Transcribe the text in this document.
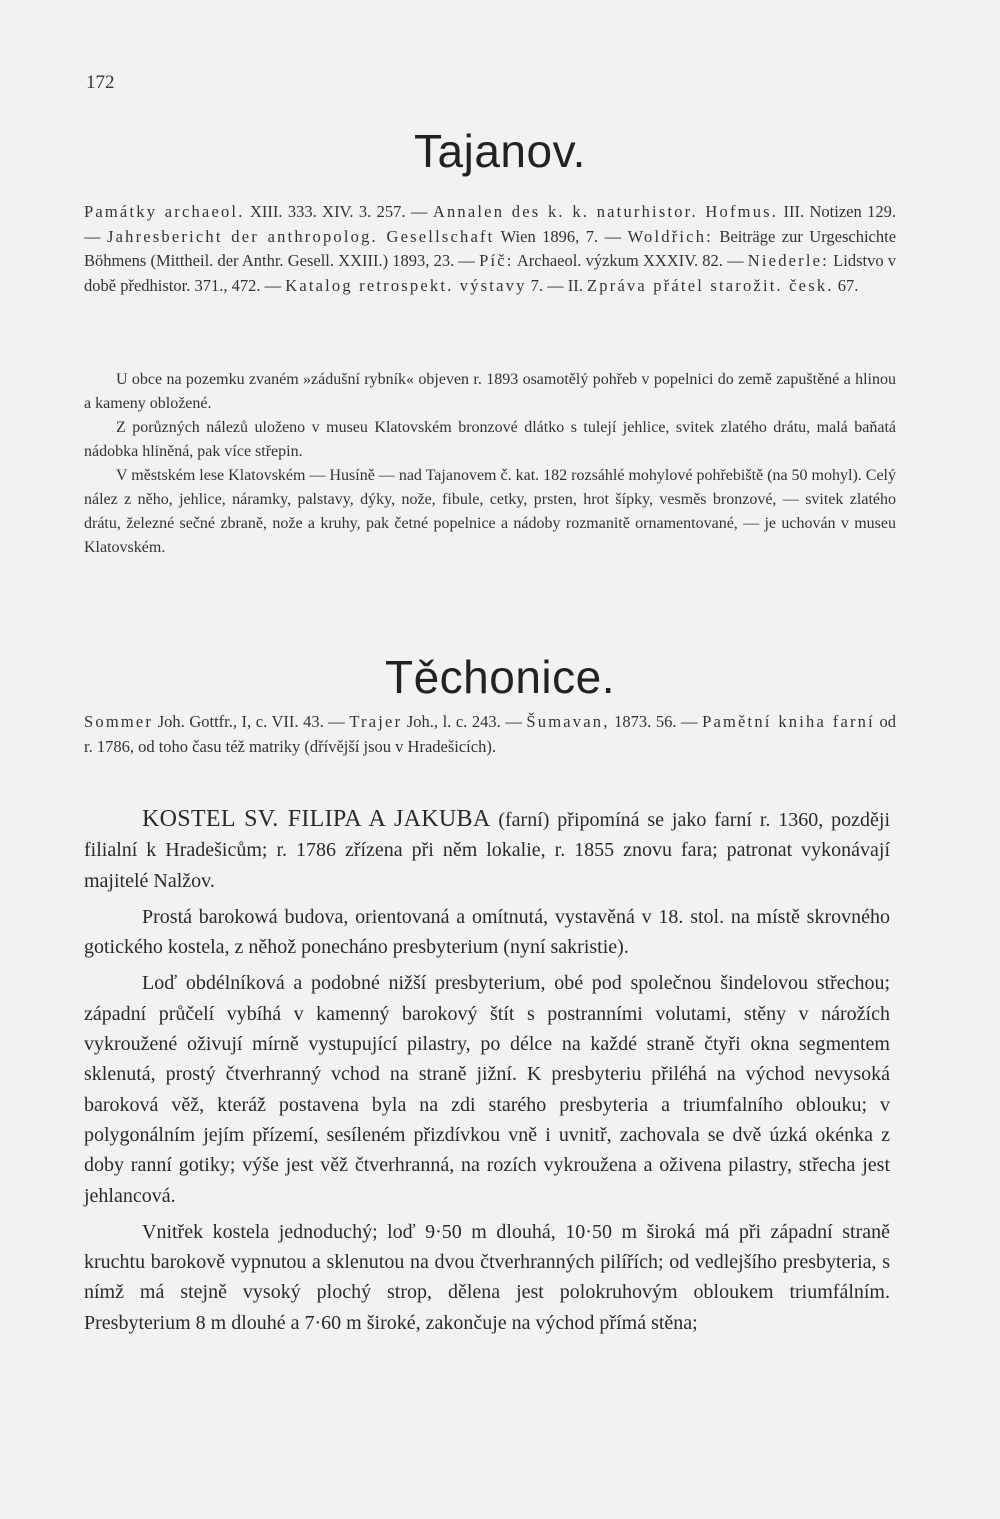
172
Tajanov.
Památky archaeol. XIII. 333. XIV. 3. 257. — Annalen des k. k. naturhistor. Hofmus. III. Notizen 129. — Jahresbericht der anthropolog. Gesellschaft Wien 1896, 7. — Woldřich: Beiträge zur Urgeschichte Böhmens (Mittheil. der Anthr. Gesell. XXIII.) 1893, 23. — Píč: Archaeol. výzkum XXXIV. 82. — Niederle: Lidstvo v době předhistor. 371., 472. — Katalog retrospekt. výstavy 7. — II. Zpráva přátel starožit. česk. 67.

U obce na pozemku zvaném »zádušní rybník« objeven r. 1893 osamotělý pohřeb v popelnici do země zapuštěné a hlinou a kameny obložené.

Z porůzných nálezů uloženo v museu Klatovském bronzové dlátko s tulejí jehlice, svitek zlatého drátu, malá baňatá nádobka hliněná, pak více střepin.

V městském lese Klatovském — Husíně — nad Tajanovem č. kat. 182 rozsáhlé mohylové pohřebiště (na 50 mohyl). Celý nález z něho, jehlice, náramky, palstavy, dýky, nože, fibule, cetky, prsten, hrot šípky, vesměs bronzové, — svitek zlatého drátu, železné sečné zbraně, nože a kruhy, pak četné popelnice a nádoby rozmanitě ornamentované, — je uchován v museu Klatovském.

Těchonice.
Sommer Joh. Gottfr., I, c. VII. 43. — Trajer Joh., l. c. 243. — Šumavan, 1873. 56. — Pamětní kniha farní od r. 1786, od toho času též matriky (dřívější jsou v Hradešicích).

KOSTEL SV. FILIPA A JAKUBA (farní) připomíná se jako farní r. 1360, později filialní k Hradešicům; r. 1786 zřízena při něm lokalie, r. 1855 znovu fara; patronat vykonávají majitelé Nalžov.

Prostá barokowá budova, orientovaná a omítnutá, vystavěná v 18. stol. na místě skrovného gotického kostela, z něhož ponecháno presbyterium (nyní sakristie).

Loď obdélníková a podobné nižší presbyterium, obé pod společnou šindelovou střechou; západní průčelí vybíhá v kamenný barokový štít s postranními volutami, stěny v nárožích vykroužené oživují mírně vystupující pilastry, po délce na každé straně čtyři okna segmentem sklenutá, prostý čtverhranný vchod na straně jižní. K presbyteriu přiléhá na východ nevysoká baroková věž, kteráž postavena byla na zdi starého presbyteria a triumfalního oblouku; v polygonálním jejím přízemí, sesíleném přizdívkou vně i uvnitř, zachovala se dvě úzká okénka z doby ranní gotiky; výše jest věž čtverhranná, na rozích vykroužena a oživena pilastry, střecha jest jehlancová.

Vnitřek kostela jednoduchý; loď 9·50 m dlouhá, 10·50 m široká má při západní straně kruchtu barokově vypnutou a sklenutou na dvou čtverhranných pilířích; od vedlejšího presbyteria, s nímž má stejně vysoký plochý strop, dělena jest polokruhovým obloukem triumfálním. Presbyterium 8 m dlouhé a 7·60 m široké, zakončuje na východ přímá stěna;
